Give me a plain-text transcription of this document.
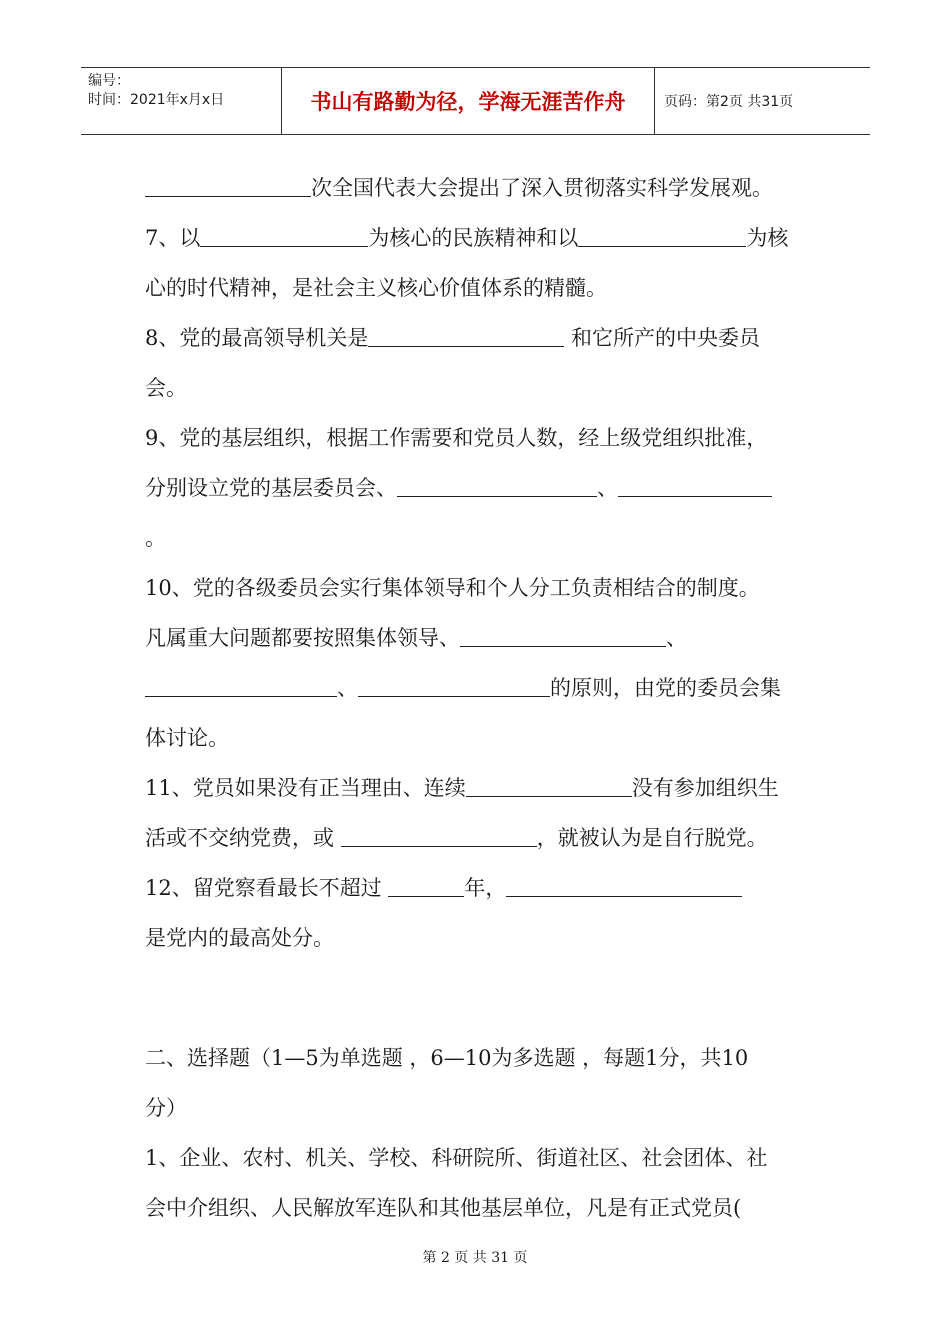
编号：
时间：2021年x月x日	书山有路勤为径，学海无涯苦作舟	页码：第2页 共31页
次全国代表大会提出了深入贯彻落实科学发展观。
7、以	为核心的民族精神和以	为核
心的时代精神，是社会主义核心价值体系的精髓。
8、党的最高领导机关是	和它所产的中央委员
会。
9、党的基层组织，根据工作需要和党员人数，经上级党组织批准，
分别设立党的基层委员会、	、
。
10、党的各级委员会实行集体领导和个人分工负责相结合的制度。
凡属重大问题都要按照集体领导、	、
、	的原则，由党的委员会集
体讨论。
11、党员如果没有正当理由、连续	没有参加组织生
活或不交纳党费，或	，就被认为是自行脱党。
12、留党察看最长不超过	年，
是党内的最高处分。
二、选择题（1—5为单选题 ，6—10为多选题 ，每题1分，共10
分）
1、企业、农村、机关、学校、科研院所、街道社区、社会团体、社
会中介组织、人民解放军连队和其他基层单位，凡是有正式党员(
第 2 页 共 31 页
